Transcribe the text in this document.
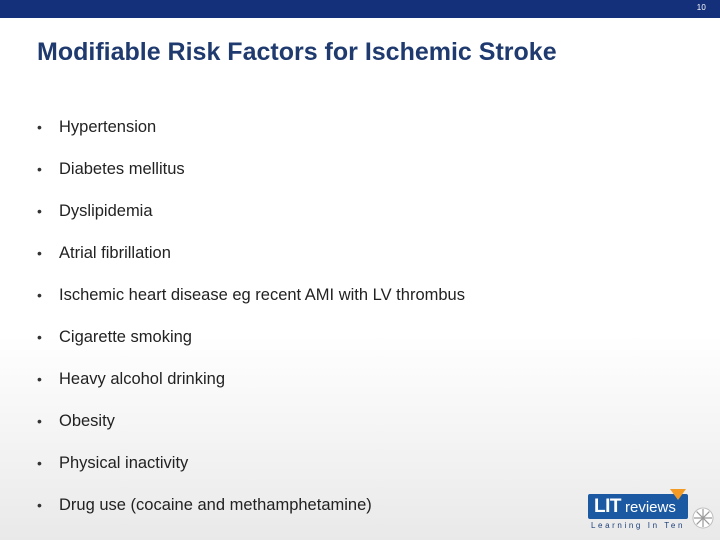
10
Modifiable Risk Factors for Ischemic Stroke
•	Hypertension
•	Diabetes mellitus
•	Dyslipidemia
•	Atrial fibrillation
•	Ischemic heart disease eg recent AMI with LV thrombus
•	Cigarette smoking
•	Heavy alcohol drinking
•	Obesity
•	Physical inactivity
•	Drug use (cocaine and methamphetamine)	LIT reviews
Learning In Ten
